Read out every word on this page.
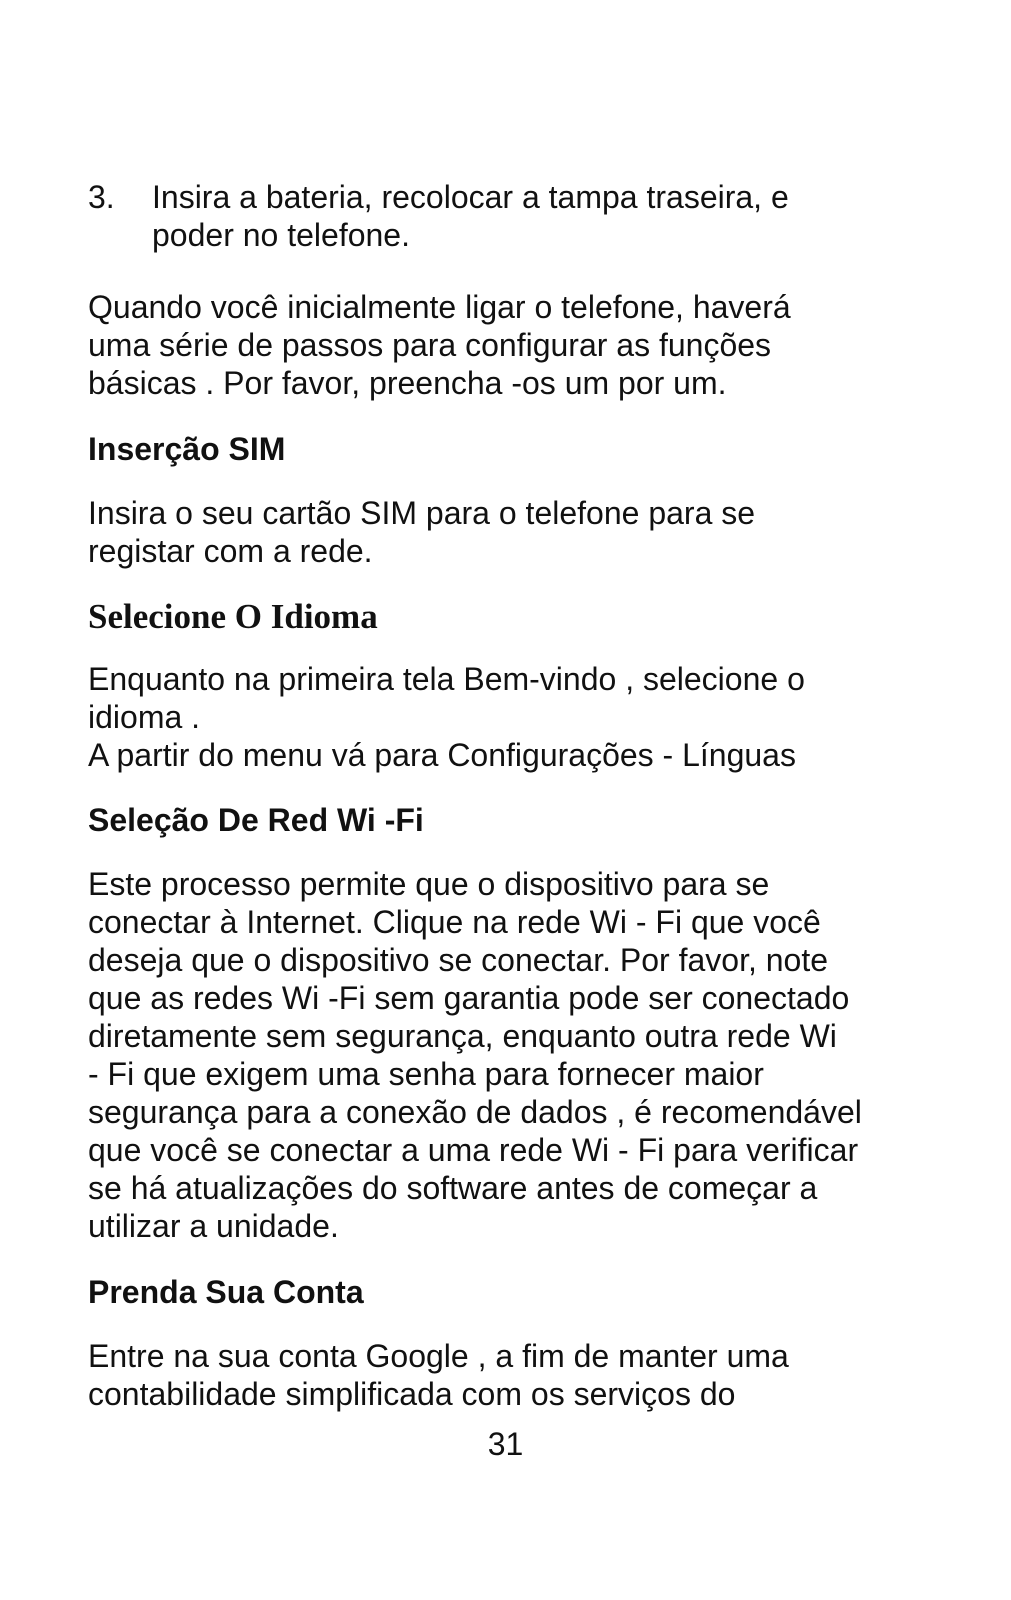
3. Insira a bateria, recolocar a tampa traseira, e
poder no telefone.
Quando você inicialmente ligar o telefone, haverá
uma série de passos para configurar as funções
básicas . Por favor, preencha -os um por um.
Inserção SIM
Insira o seu cartão SIM para o telefone para se
registar com a rede.
Selecione O Idioma
Enquanto na primeira tela Bem-vindo , selecione o
idioma .
A partir do menu vá para Configurações - Línguas
Seleção De Red Wi -Fi
Este processo permite que o dispositivo para se
conectar à Internet. Clique na rede Wi - Fi que você
deseja que o dispositivo se conectar. Por favor, note
que as redes Wi -Fi sem garantia pode ser conectado
diretamente sem segurança, enquanto outra rede Wi
- Fi que exigem uma senha para fornecer maior
segurança para a conexão de dados , é recomendável
que você se conectar a uma rede Wi - Fi para verificar
se há atualizações do software antes de começar a
utilizar a unidade.
Prenda Sua Conta
Entre na sua conta Google , a fim de manter uma
contabilidade simplificada com os serviços do
31
